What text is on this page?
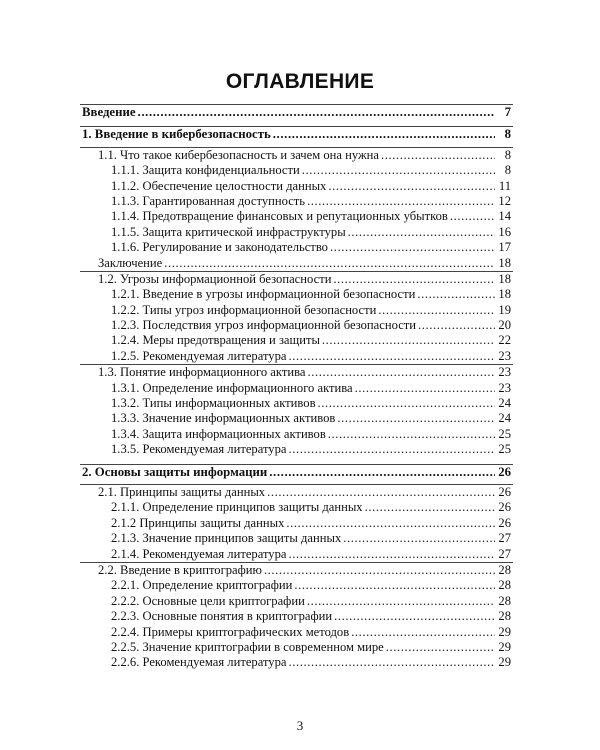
ОГЛАВЛЕНИЕ
Введение .....	7
1. Введение в кибербезопасность .....	8
1.1. Что такое кибербезопасность и зачем она нужна .....	8
1.1.1. Защита конфиденциальности .....	8
1.1.2. Обеспечение целостности данных .....	11
1.1.3. Гарантированная доступность .....	12
1.1.4. Предотвращение финансовых и репутационных убытков .....	14
1.1.5. Защита критической инфраструктуры .....	16
1.1.6. Регулирование и законодательство .....	17
Заключение .....	18
1.2. Угрозы информационной безопасности .....	18
1.2.1. Введение в угрозы информационной безопасности .....	18
1.2.2. Типы угроз информационной безопасности .....	19
1.2.3. Последствия угроз информационной безопасности .....	20
1.2.4. Меры предотвращения и защиты .....	22
1.2.5. Рекомендуемая литература .....	23
1.3. Понятие информационного актива .....	23
1.3.1. Определение информационного актива .....	23
1.3.2. Типы информационных активов .....	24
1.3.3. Значение информационных активов .....	24
1.3.4. Защита информационных активов .....	25
1.3.5. Рекомендуемая литература .....	25
2. Основы защиты информации .....	26
2.1. Принципы защиты данных .....	26
2.1.1. Определение принципов защиты данных .....	26
2.1.2 Принципы защиты данных .....	26
2.1.3. Значение принципов защиты данных .....	27
2.1.4. Рекомендуемая литература .....	27
2.2. Введение в криптографию .....	28
2.2.1. Определение криптографии .....	28
2.2.2. Основные цели криптографии .....	28
2.2.3. Основные понятия в криптографии .....	28
2.2.4. Примеры криптографических методов .....	29
2.2.5. Значение криптографии в современном мире .....	29
2.2.6. Рекомендуемая литература .....	29
3
